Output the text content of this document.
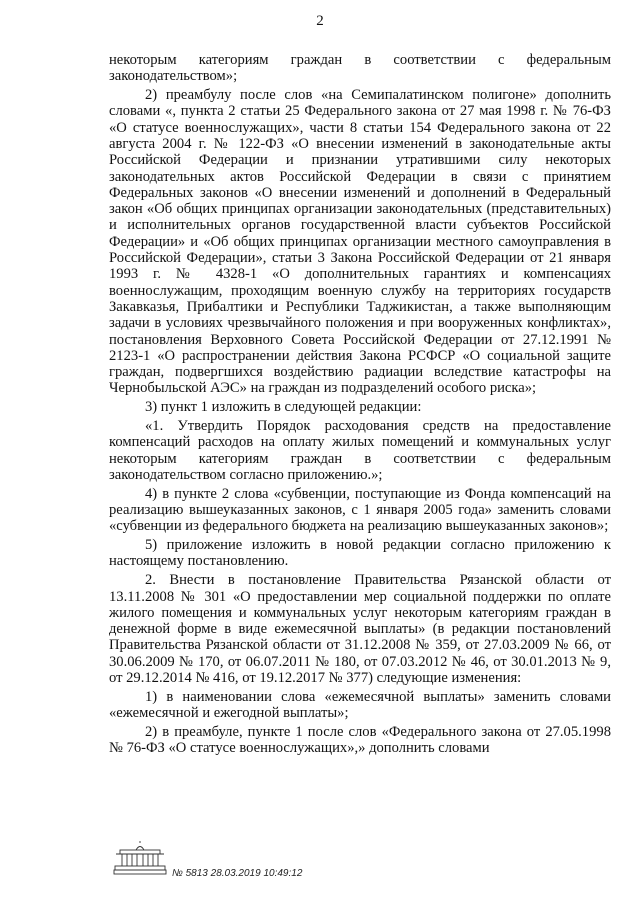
2

некоторым категориям граждан в соответствии с федеральным законодательством»;

2) преамбулу после слов «на Семипалатинском полигоне» дополнить словами «, пункта 2 статьи 25 Федерального закона от 27 мая 1998 г. № 76-ФЗ «О статусе военнослужащих», части 8 статьи 154 Федерального закона от 22 августа 2004 г. № 122-ФЗ «О внесении изменений в законодательные акты Российской Федерации и признании утратившими силу некоторых законодательных актов Российской Федерации в связи с принятием Федеральных законов «О внесении изменений и дополнений в Федеральный закон «Об общих принципах организации законодательных (представительных) и исполнительных органов государственной власти субъектов Российской Федерации» и «Об общих принципах организации местного самоуправления в Российской Федерации», статьи 3 Закона Российской Федерации от 21 января 1993 г. № 4328-1 «О дополнительных гарантиях и компенсациях военнослужащим, проходящим военную службу на территориях государств Закавказья, Прибалтики и Республики Таджикистан, а также выполняющим задачи в условиях чрезвычайного положения и при вооруженных конфликтах», постановления Верховного Совета Российской Федерации от 27.12.1991 № 2123-1 «О распространении действия Закона РСФСР «О социальной защите граждан, подвергшихся воздействию радиации вследствие катастрофы на Чернобыльской АЭС» на граждан из подразделений особого риска»;

3) пункт 1 изложить в следующей редакции:

«1. Утвердить Порядок расходования средств на предоставление компенсаций расходов на оплату жилых помещений и коммунальных услуг некоторым категориям граждан в соответствии с федеральным законодательством согласно приложению.»;

4) в пункте 2 слова «субвенции, поступающие из Фонда компенсаций на реализацию вышеуказанных законов, с 1 января 2005 года» заменить словами «субвенции из федерального бюджета на реализацию вышеуказанных законов»;

5) приложение изложить в новой редакции согласно приложению к настоящему постановлению.

2. Внести в постановление Правительства Рязанской области от 13.11.2008 № 301 «О предоставлении мер социальной поддержки по оплате жилого помещения и коммунальных услуг некоторым категориям граждан в денежной форме в виде ежемесячной выплаты» (в редакции постановлений Правительства Рязанской области от 31.12.2008 № 359, от 27.03.2009 № 66, от 30.06.2009 № 170, от 06.07.2011 № 180, от 07.03.2012 № 46, от 30.01.2013 № 9, от 29.12.2014 № 416, от 19.12.2017 № 377) следующие изменения:

1) в наименовании слова «ежемесячной выплаты» заменить словами «ежемесячной и ежегодной выплаты»;

2) в преамбуле, пункте 1 после слов «Федерального закона от 27.05.1998 № 76-ФЗ «О статусе военнослужащих»,» дополнить словами

№ 5813 28.03.2019 10:49:12
